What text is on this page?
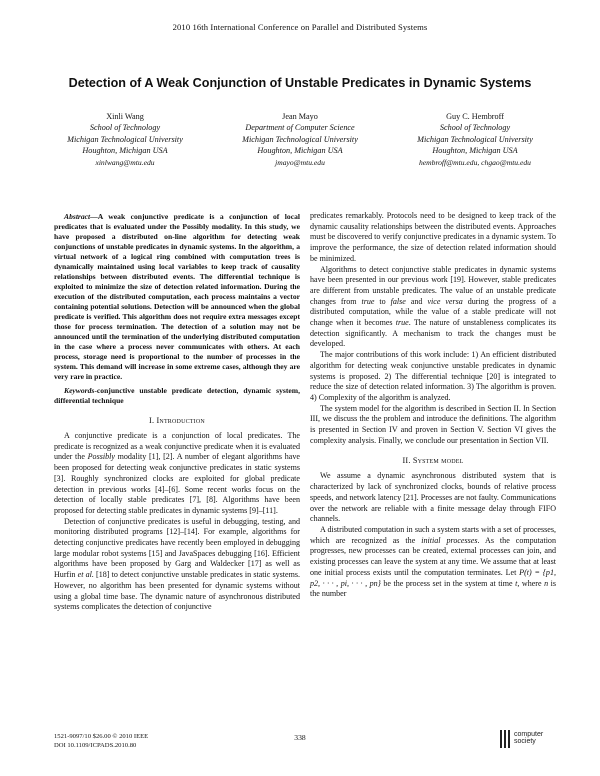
2010 16th International Conference on Parallel and Distributed Systems
Detection of A Weak Conjunction of Unstable Predicates in Dynamic Systems
Xinli Wang
School of Technology
Michigan Technological University
Houghton, Michigan USA
xinlwang@mtu.edu
Jean Mayo
Department of Computer Science
Michigan Technological University
Houghton, Michigan USA
jmayo@mtu.edu
Guy C. Hembroff
School of Technology
Michigan Technological University
Houghton, Michigan USA
hembroff@mtu.edu, chgao@mtu.edu

Abstract—A weak conjunctive predicate is a conjunction of local predicates that is evaluated under the Possibly modality. In this study, we have proposed a distributed on-line algorithm for detecting weak conjunctions of unstable predicates in dynamic systems. In the algorithm, a virtual network of a logical ring combined with computation trees is dynamically maintained using local variables to keep track of causality relationships between distributed events. The differential technique is exploited to minimize the size of detection related information. During the execution of the distributed computation, each process maintains a vector containing potential solutions. Detection will be announced when the global predicate is verified. This algorithm does not require extra messages except those for process termination. The detection of a solution may not be announced until the termination of the underlying distributed computation in the case where a process never communicates with others. At each process, storage need is proportional to the number of processes in the system. This demand will increase in some extreme cases, although they are very rare in practice.

Keywords-conjunctive unstable predicate detection, dynamic system, differential technique

I. Introduction

A conjunctive predicate is a conjunction of local predicates. The predicate is recognized as a weak conjunctive predicate when it is evaluated under the Possibly modality [1], [2]. A number of elegant algorithms have been proposed for detecting weak conjunctive predicates in static systems [3]. Roughly synchronized clocks are exploited for global predicate detection in previous works [4]–[6]. Some recent works focus on the detection of locally stable predicates [7], [8]. Algorithms have been proposed for detecting stable predicates in dynamic systems [9]–[11].

Detection of conjunctive predicates is useful in debugging, testing, and monitoring distributed programs [12]–[14]. For example, algorithms for detecting conjunctive predicates have recently been employed in debugging large modular robot systems [15] and JavaSpaces debugging [16]. Efficient algorithms have been proposed by Garg and Waldecker [17] as well as Hurfin et al. [18] to detect conjunctive unstable predicates in static systems. However, no algorithm has been presented for dynamic systems without using a global time base. The dynamic nature of asynchronous distributed systems complicates the detection of conjunctive

predicates remarkably. Protocols need to be designed to keep track of the dynamic causality relationships between the distributed events. Approaches must be discovered to verify conjunctive predicates in a dynamic system. To improve the performance, the size of detection related information should be minimized.

Algorithms to detect conjunctive stable predicates in dynamic systems have been presented in our previous work [19]. However, stable predicates are different from unstable predicates. The value of an unstable predicate changes from true to false and vice versa during the progress of a distributed computation, while the value of a stable predicate will not change when it becomes true. The nature of unstableness complicates its detection significantly. A mechanism to track the changes must be developed.

The major contributions of this work include: 1) An efficient distributed algorithm for detecting weak conjunctive unstable predicates in dynamic systems is proposed. 2) The differential technique [20] is integrated to reduce the size of detection related information. 3) The algorithm is proven. 4) Complexity of the algorithm is analyzed.

The system model for the algorithm is described in Section II. In Section III, we discuss the the problem and introduce the definitions. The algorithm is presented in Section IV and proven in Section V. Section VI gives the complexity analysis. Finally, we conclude our presentation in Section VII.

II. System model

We assume a dynamic asynchronous distributed system that is characterized by lack of synchronized clocks, bounds of relative process speeds, and network latency [21]. Processes are not faulty. Communications over the network are reliable with a finite message delay through FIFO channels.

A distributed computation in such a system starts with a set of processes, which are recognized as the initial processes. As the computation progresses, new processes can be created, external processes can join, and existing processes can leave the system at any time. We assume that at least one initial process exists until the computation terminates. Let P(t) = {p1, p2, · · · , pi, · · · , pn} be the process set in the system at time t, where n is the number

1521-9097/10 $26.00 © 2010 IEEE
DOI 10.1109/ICPADS.2010.80
338	computer
society
